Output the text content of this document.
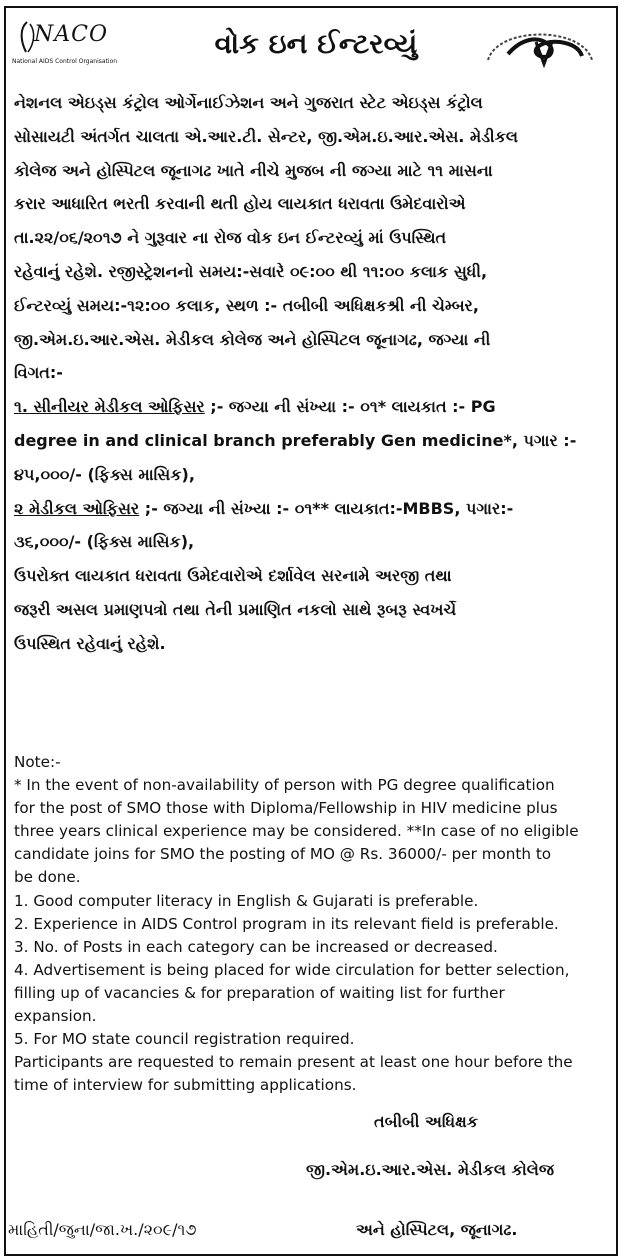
NACO
National AIDS Control Organisation
વોક ઇન ઈન્ટરવ્યું

નેશનલ એઇડ્સ કંટ્રોલ ઓર્ગેનાઈઝેશન અને ગુજરાત સ્ટેટ એઇડ્સ કંટ્રોલ
સોસાયટી અંતર્ગત ચાલતા એ.આર.ટી. સેન્ટર, જી.એમ.ઇ.આર.એસ. મેડીકલ
કોલેજ અને હોસ્પિટલ જૂનાગઢ ખાતે નીચે મુજબ ની જગ્યા માટે ૧૧ માસના
કરાર આધારિત ભરતી કરવાની થતી હોય લાયકાત ધરાવતા ઉમેદવારોએ
તા.૨૨/૦૬/૨૦૧૭ ને ગુરૂવાર ના રોજ વોક ઇન ઈન્ટરવ્યું માં ઉપસ્થિત
રહેવાનું રહેશે. રજીસ્ટ્રેશનનો સમય:-સવારે ૦૯:૦૦ થી ૧૧:૦૦ કલાક સુધી,
ઈન્ટરવ્યું સમય:-૧૨:૦૦ કલાક, સ્થળ :- તબીબી અધિક્ષકશ્રી ની ચેમ્બર,
જી.એમ.ઇ.આર.એસ. મેડીકલ કોલેજ અને હોસ્પિટલ જૂનાગઢ, જગ્યા ની
વિગત:-

૧. સીનીયર મેડીકલ ઓફિસર ;- જગ્યા ની સંખ્યા :- ૦૧* લાયકાત :- PG
degree in and clinical branch preferably Gen medicine*, પગાર :-
૪૫,૦૦૦/- (ફિક્સ માસિક),

૨ મેડીકલ ઓફિસર ;- જગ્યા ની સંખ્યા :- ૦૧** લાયકાત:-MBBS, પગાર:-
૩૬,૦૦૦/- (ફિક્સ માસિક),

ઉપરોક્ત લાયકાત ધરાવતા ઉમેદવારોએ દર્શાવેલ સરનામે અરજી તથા
જરૂરી અસલ પ્રમાણપત્રો તથા તેની પ્રમાણિત નકલો સાથે રૂબરૂ સ્વખર્ચે
ઉપસ્થિત રહેવાનું રહેશે.

Note:-
* In the event of non-availability of person with PG degree qualification
for the post of SMO those with Diploma/Fellowship in HIV medicine plus
three years clinical experience may be considered. **In case of no eligible
candidate joins for SMO the posting of MO @ Rs. 36000/- per month to
be done.
1. Good computer literacy in English & Gujarati is preferable.
2. Experience in AIDS Control program in its relevant field is preferable.
3. No. of Posts in each category can be increased or decreased.
4. Advertisement is being placed for wide circulation for better selection,
filling up of vacancies & for preparation of waiting list for further
expansion.
5. For MO state council registration required.
Participants are requested to remain present at least one hour before the
time of interview for submitting applications.
તબીબી અધિક્ષક
જી.એમ.ઇ.આર.એસ. મેડીકલ કોલેજ
અને હોસ્પિટલ, જૂનાગઢ.
માહિતી/જુના/જા.ખ./૨૦૯/૧૭
